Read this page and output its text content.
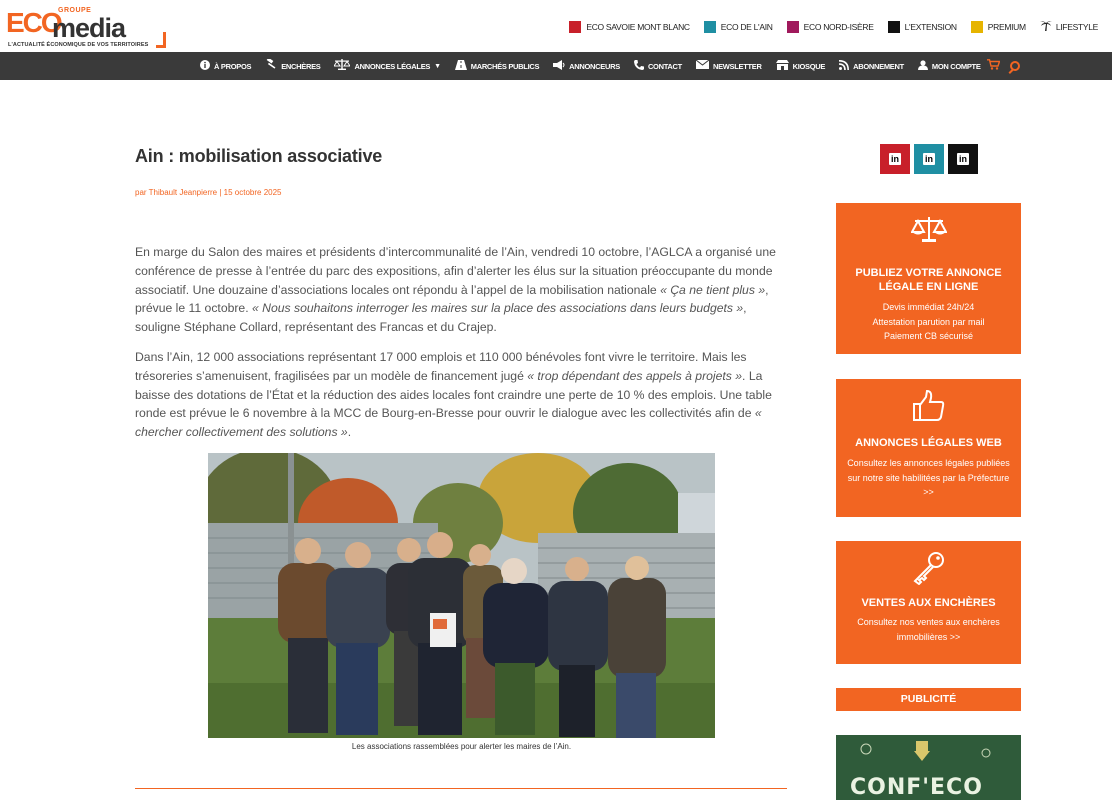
ECO
GROUPE
media
L'ACTUALITÉ ÉCONOMIQUE DE VOS TERRITOIRES
ECO SAVOIE MONT BLANC	ECO DE L'AIN	ECO NORD-ISÈRE	L'EXTENSION	PREMIUM	LIFESTYLE
À PROPOS	ENCHÈRES	ANNONCES LÉGALES ▼	MARCHÉS PUBLICS	ANNONCEURS	CONTACT	NEWSLETTER	KIOSQUE	ABONNEMENT	MON COMPTE
Ain : mobilisation associative
par Thibault Jeanpierre | 15 octobre 2025

En marge du Salon des maires et présidents d’intercommunalité de l’Ain, vendredi 10 octobre, l’AGLCA a organisé une conférence de presse à l’entrée du parc des expositions, afin d’alerter les élus sur la situation préoccupante du monde associatif. Une douzaine d’associations locales ont répondu à l’appel de la mobilisation nationale « Ça ne tient plus », prévue le 11 octobre. « Nous souhaitons interroger les maires sur la place des associations dans leurs budgets », souligne Stéphane Collard, représentant des Francas et du Crajep.

Dans l’Ain, 12 000 associations représentant 17 000 emplois et 110 000 bénévoles font vivre le territoire. Mais les trésoreries s’amenuisent, fragilisées par un modèle de financement jugé « trop dépendant des appels à projets ». La baisse des dotations de l’État et la réduction des aides locales font craindre une perte de 10 % des emplois. Une table ronde est prévue le 6 novembre à la MCC de Bourg-en-Bresse pour ouvrir le dialogue avec les collectivités afin de « chercher collectivement des solutions ».

Les associations rassemblées pour alerter les maires de l’Ain.
in	in	in
PUBLIEZ VOTRE ANNONCE LÉGALE EN LIGNE
Devis immédiat 24h/24
Attestation parution par mail
Paiement CB sécurisé
ANNONCES LÉGALES WEB
Consultez les annonces légales publiées sur notre site habilitées par la Préfecture >>
VENTES AUX ENCHÈRES
Consultez nos ventes aux enchères immobilières >>
PUBLICITÉ
CONF'ECO
